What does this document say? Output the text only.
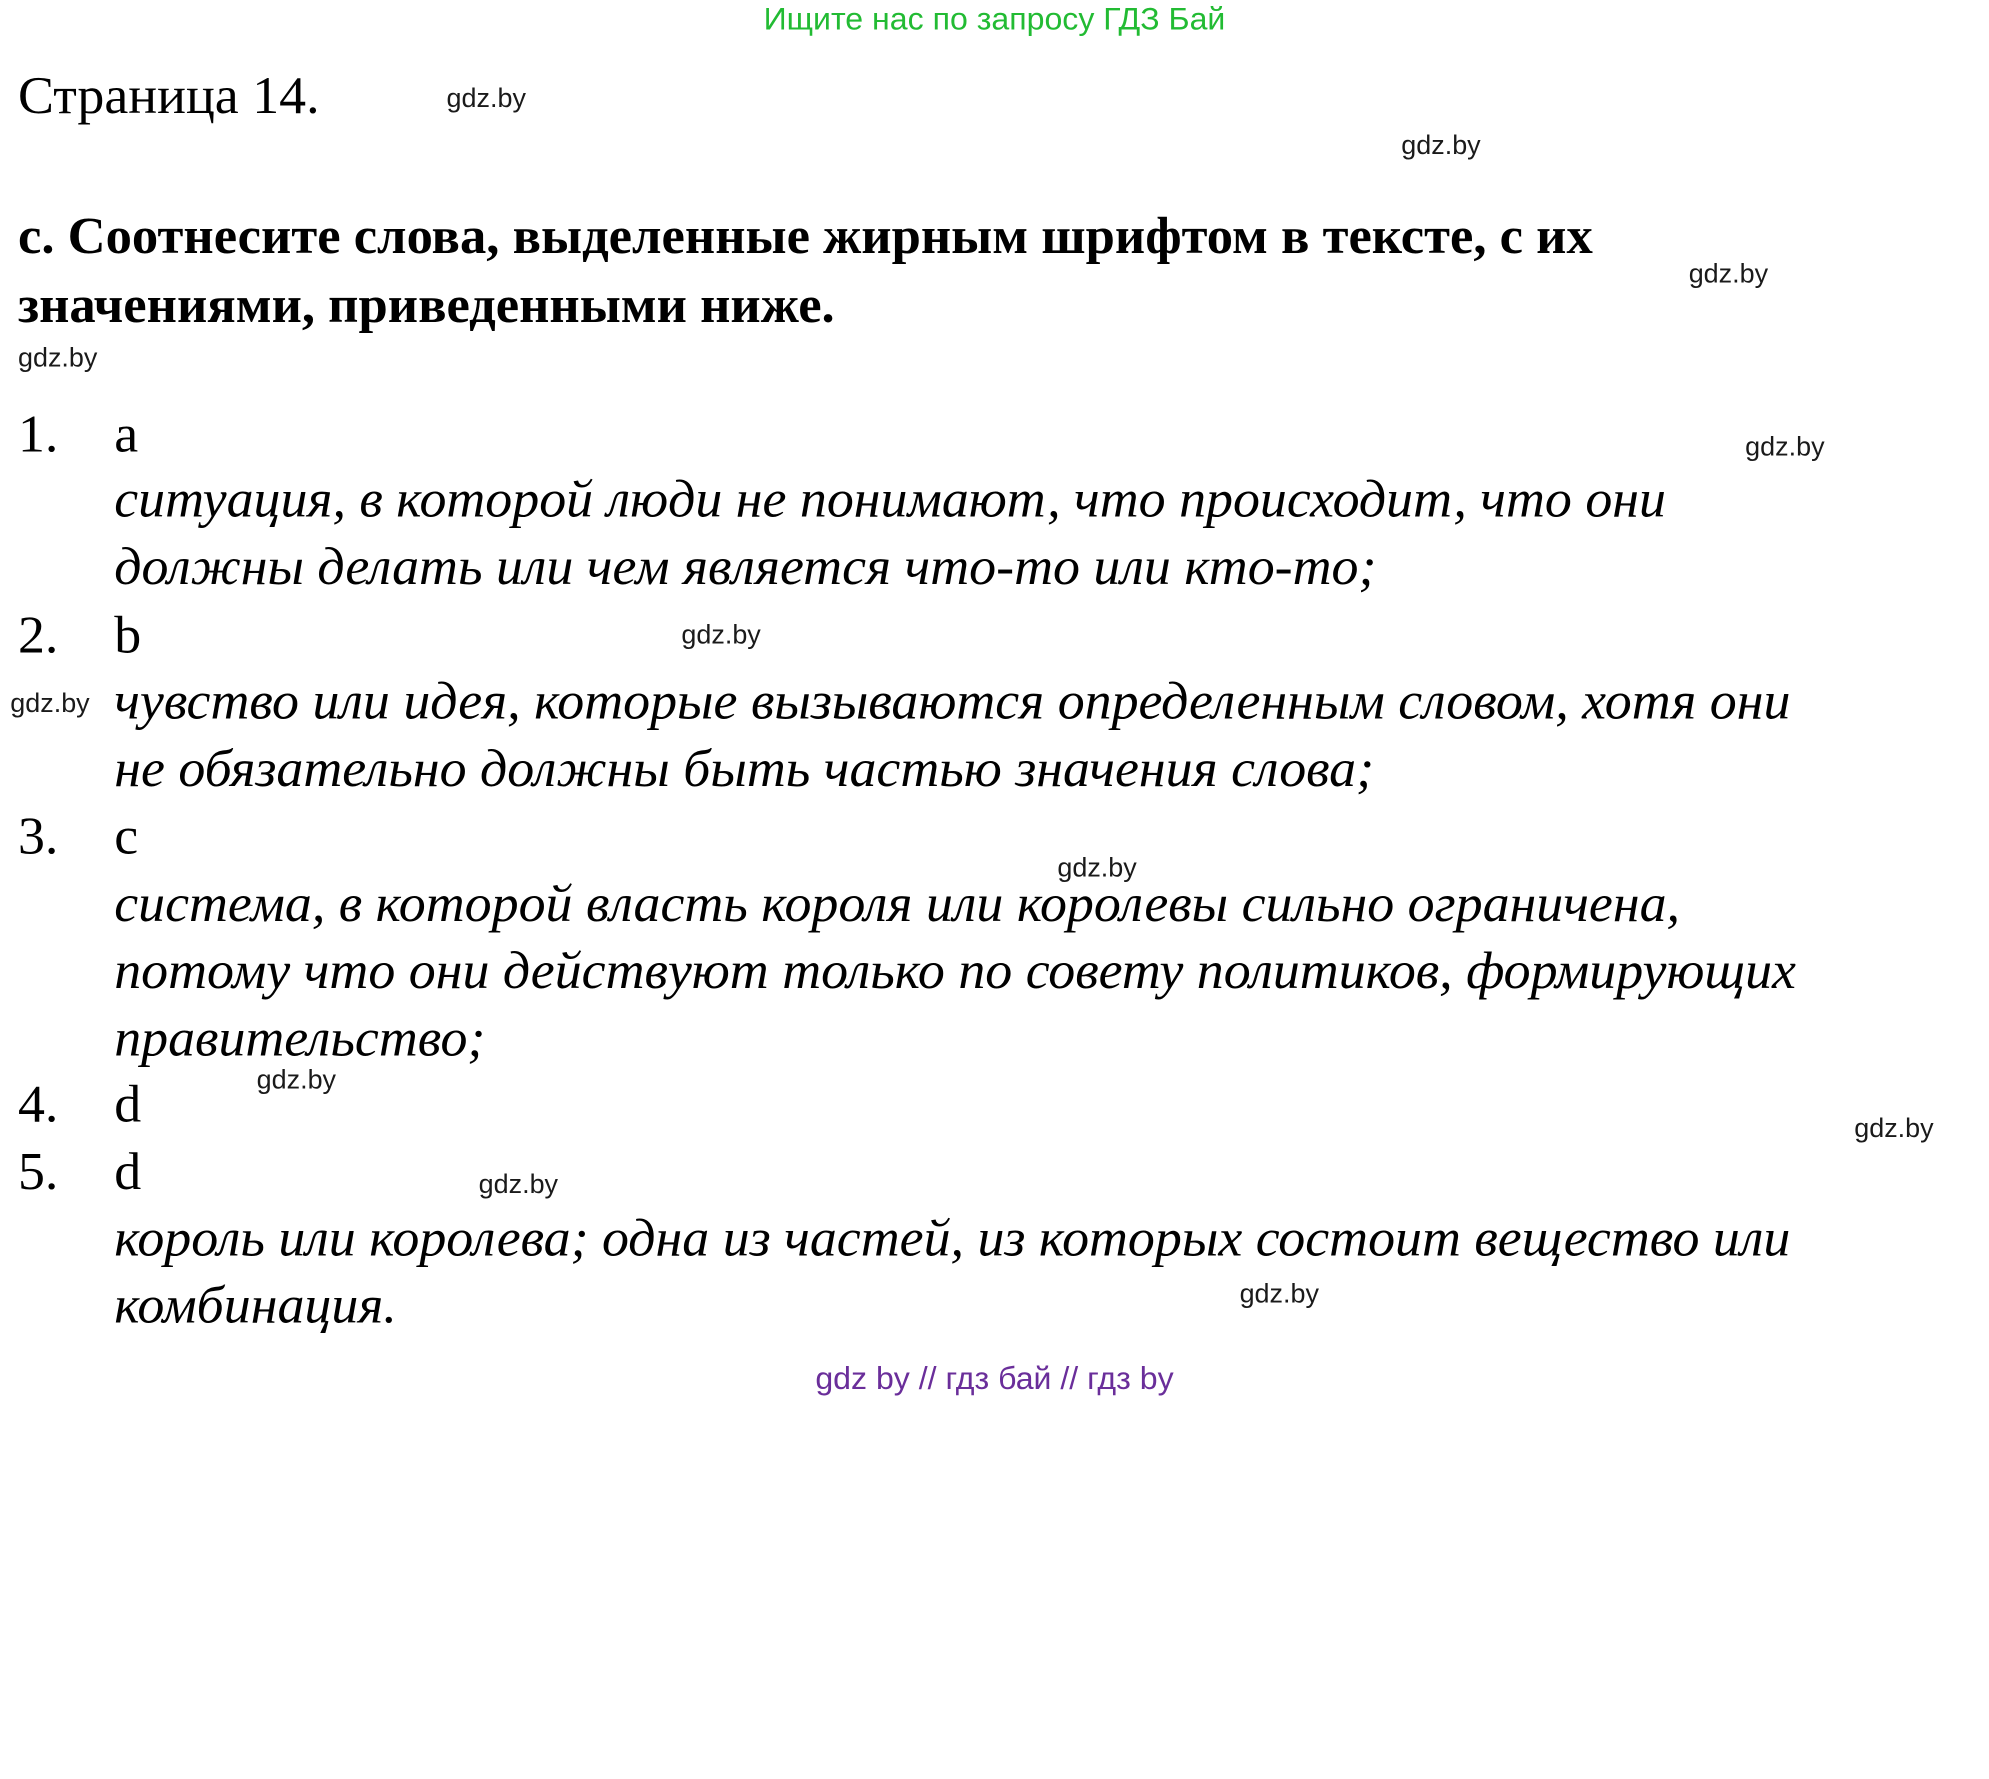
Ищите нас по запросу ГДЗ Бай
Страница 14.
c. Соотнесите слова, выделенные жирным шрифтом в тексте, с их
значениями, приведенными ниже.
1. a
ситуация, в которой люди не понимают, что происходит, что они
должны делать или чем является что-то или кто-то;
2. b
чувство или идея, которые вызываются определенным словом, хотя они
не обязательно должны быть частью значения слова;
3. c
система, в которой власть короля или королевы сильно ограничена,
потому что они действуют только по совету политиков, формирующих
правительство;
4. d
5. d
король или королева; одна из частей, из которых состоит вещество или
комбинация.
gdz.by
gdz.by
gdz.by
gdz.by
gdz.by
gdz.by
gdz.by
gdz.by
gdz.by
gdz.by
gdz.by
gdz.by
gdz by // гдз бай // гдз by
